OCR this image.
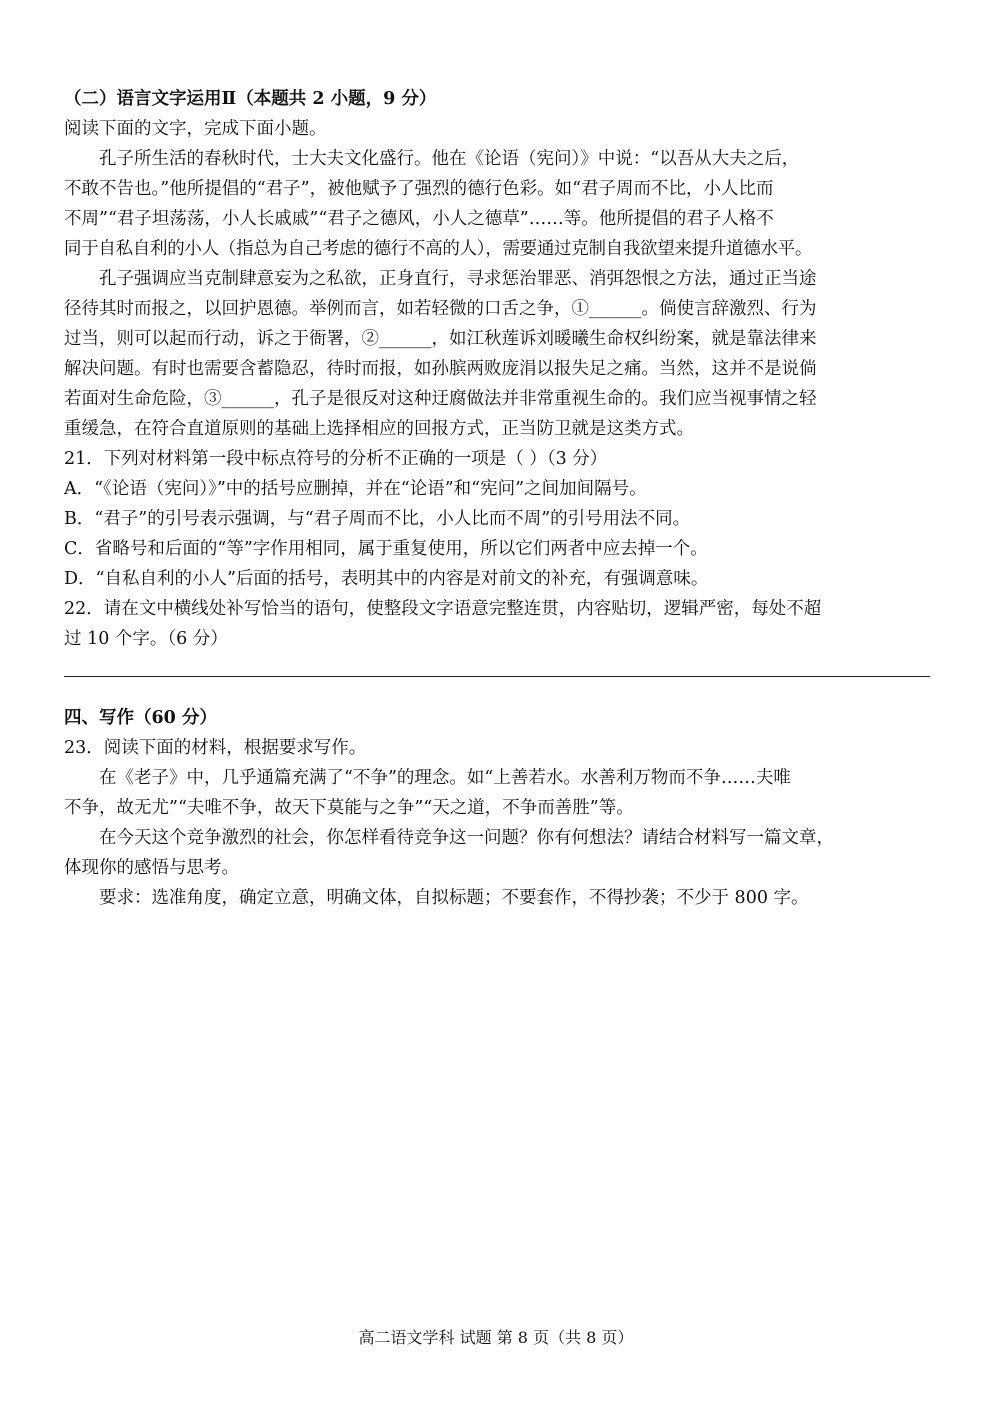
（二）语言文字运用Ⅱ（本题共 2 小题，9 分）
阅读下面的文字，完成下面小题。
孔子所生活的春秋时代，士大夫文化盛行。他在《论语（宪问）》中说：“以吾从大夫之后，
不敢不告也。”他所提倡的“君子”，被他赋予了强烈的德行色彩。如“君子周而不比，小人比而
不周”“君子坦荡荡，小人长戚戚”“君子之德风，小人之德草”……等。他所提倡的君子人格不
同于自私自利的小人（指总为自己考虑的德行不高的人），需要通过克制自我欲望来提升道德水平。
孔子强调应当克制肆意妄为之私欲，正身直行，寻求惩治罪恶、消弭怨恨之方法，通过正当途
径待其时而报之，以回护恩德。举例而言，如若轻微的口舌之争，①______。倘使言辞激烈、行为
过当，则可以起而行动，诉之于衙署，②______，如江秋莲诉刘暖曦生命权纠纷案，就是靠法律来
解决问题。有时也需要含蓄隐忍，待时而报，如孙膑两败庞涓以报失足之痛。当然，这并不是说倘
若面对生命危险，③______，孔子是很反对这种迂腐做法并非常重视生命的。我们应当视事情之轻
重缓急，在符合直道原则的基础上选择相应的回报方式，正当防卫就是这类方式。
21．下列对材料第一段中标点符号的分析不正确的一项是（ ）（3 分）
A．“《论语（宪问）》”中的括号应删掉，并在“论语”和“宪问”之间加间隔号。
B．“君子”的引号表示强调，与“君子周而不比，小人比而不周”的引号用法不同。
C．省略号和后面的“等”字作用相同，属于重复使用，所以它们两者中应去掉一个。
D．“自私自利的小人”后面的括号，表明其中的内容是对前文的补充，有强调意味。
22．请在文中横线处补写恰当的语句，使整段文字语意完整连贯，内容贴切，逻辑严密，每处不超
过 10 个字。（6 分）
四、写作（60 分）
23．阅读下面的材料，根据要求写作。
在《老子》中，几乎通篇充满了“不争”的理念。如“上善若水。水善利万物而不争……夫唯
不争，故无尤”“夫唯不争，故天下莫能与之争”“天之道，不争而善胜”等。
在今天这个竞争激烈的社会，你怎样看待竞争这一问题？你有何想法？请结合材料写一篇文章，
体现你的感悟与思考。
要求：选准角度，确定立意，明确文体，自拟标题；不要套作，不得抄袭；不少于 800 字。
高二语文学科 试题 第 8 页（共 8 页）
